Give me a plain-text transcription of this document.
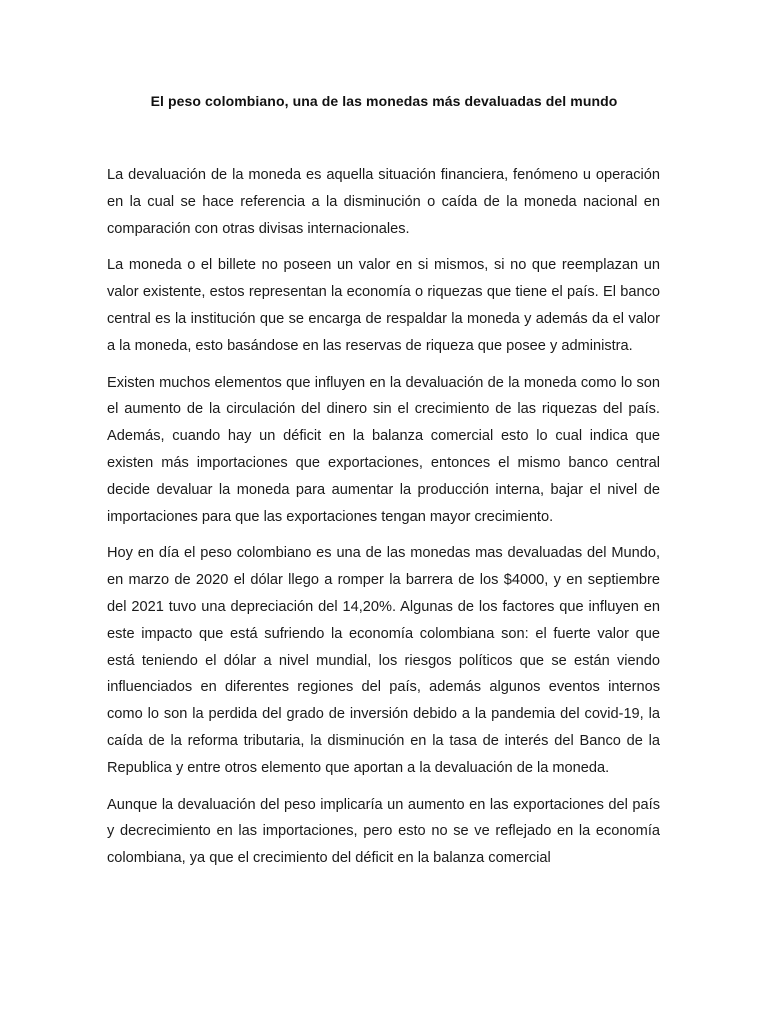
El peso colombiano, una de las monedas más devaluadas del mundo

La devaluación de la moneda es aquella situación financiera, fenómeno u operación en la cual se hace referencia a la disminución o caída de la moneda nacional en comparación con otras divisas internacionales.

La moneda o el billete no poseen un valor en si mismos, si no que reemplazan un valor existente, estos representan la economía o riquezas que tiene el país. El banco central es la institución que se encarga de respaldar la moneda y además da el valor a la moneda, esto basándose en las reservas de riqueza que posee y administra.

Existen muchos elementos que influyen en la devaluación de la moneda como lo son el aumento de la circulación del dinero sin el crecimiento de las riquezas del país. Además, cuando hay un déficit en la balanza comercial esto lo cual indica que existen más importaciones que exportaciones, entonces el mismo banco central decide devaluar la moneda para aumentar la producción interna, bajar el nivel de importaciones para que las exportaciones tengan mayor crecimiento.

Hoy en día el peso colombiano es una de las monedas mas devaluadas del Mundo, en marzo de 2020 el dólar llego a romper la barrera de los $4000, y en septiembre del 2021 tuvo una depreciación del 14,20%. Algunas de los factores que influyen en este impacto que está sufriendo la economía colombiana son: el fuerte valor que está teniendo el dólar a nivel mundial, los riesgos políticos que se están viendo influenciados en diferentes regiones del país, además algunos eventos internos como lo son la perdida del grado de inversión debido a la pandemia del covid-19, la caída de la reforma tributaria, la disminución en la tasa de interés del Banco de la Republica y entre otros elemento que aportan a la devaluación de la moneda.

Aunque la devaluación del peso implicaría un aumento en las exportaciones del país y decrecimiento en las importaciones, pero esto no se ve reflejado en la economía colombiana, ya que el crecimiento del déficit en la balanza comercial
